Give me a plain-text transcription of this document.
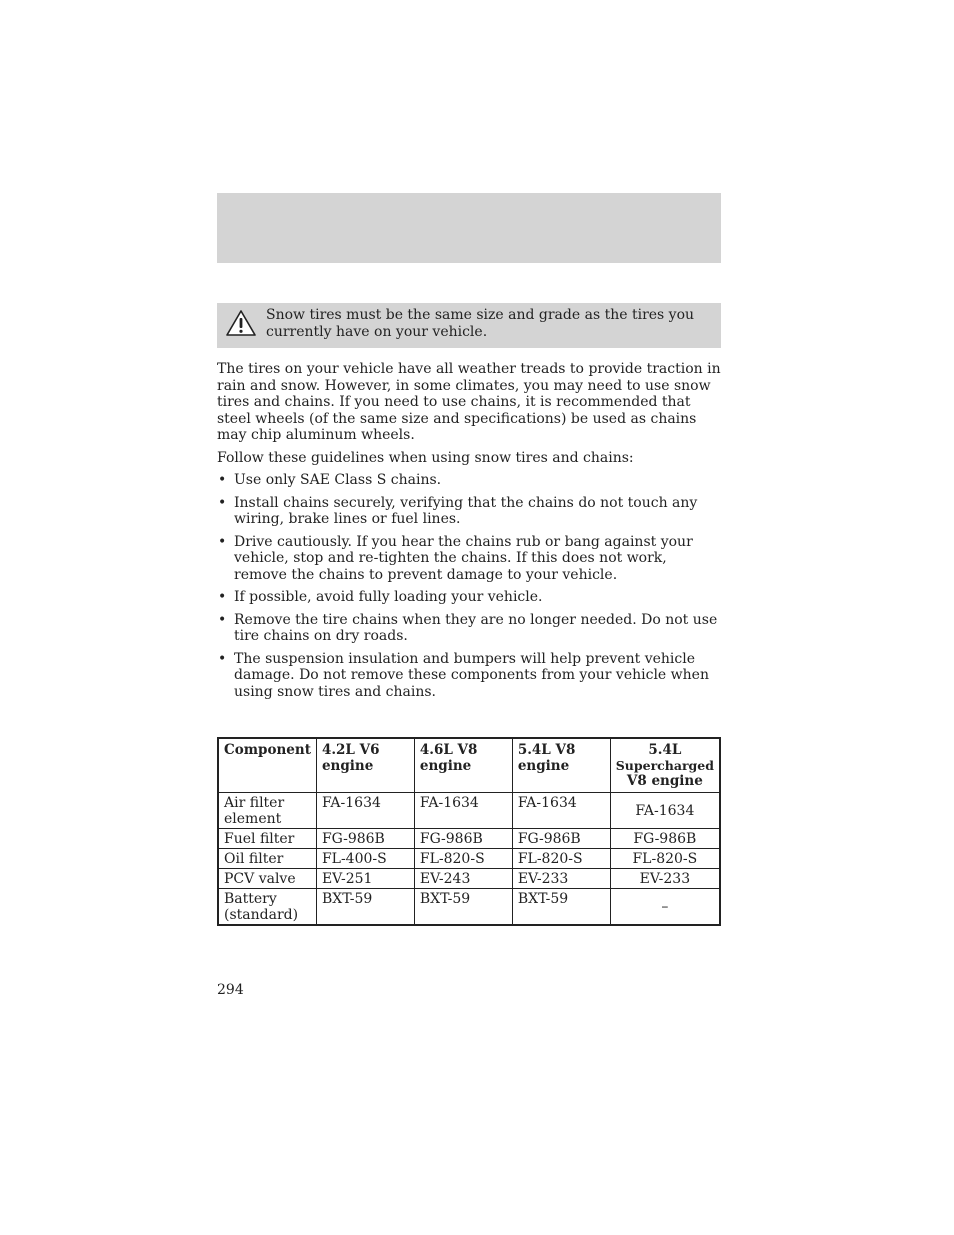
Snow tires must be the same size and grade as the tires you currently have on your vehicle.

The tires on your vehicle have all weather treads to provide traction in rain and snow. However, in some climates, you may need to use snow tires and chains. If you need to use chains, it is recommended that steel wheels (of the same size and specifications) be used as chains may chip aluminum wheels.

Follow these guidelines when using snow tires and chains:

• Use only SAE Class S chains.
• Install chains securely, verifying that the chains do not touch any wiring, brake lines or fuel lines.
• Drive cautiously. If you hear the chains rub or bang against your vehicle, stop and re-tighten the chains. If this does not work, remove the chains to prevent damage to your vehicle.
• If possible, avoid fully loading your vehicle.
• Remove the tire chains when they are no longer needed. Do not use tire chains on dry roads.
• The suspension insulation and bumpers will help prevent vehicle damage. Do not remove these components from your vehicle when using snow tires and chains.
Component	4.2L V6 engine	4.6L V8 engine	5.4L V8 engine	5.4L
Supercharged
V8 engine
Air filter element	FA-1634	FA-1634	FA-1634	FA-1634
Fuel filter	FG-986B	FG-986B	FG-986B	FG-986B
Oil filter	FL-400-S	FL-820-S	FL-820-S	FL-820-S
PCV valve	EV-251	EV-243	EV-233	EV-233
Battery (standard)	BXT-59	BXT-59	BXT-59	–
294
